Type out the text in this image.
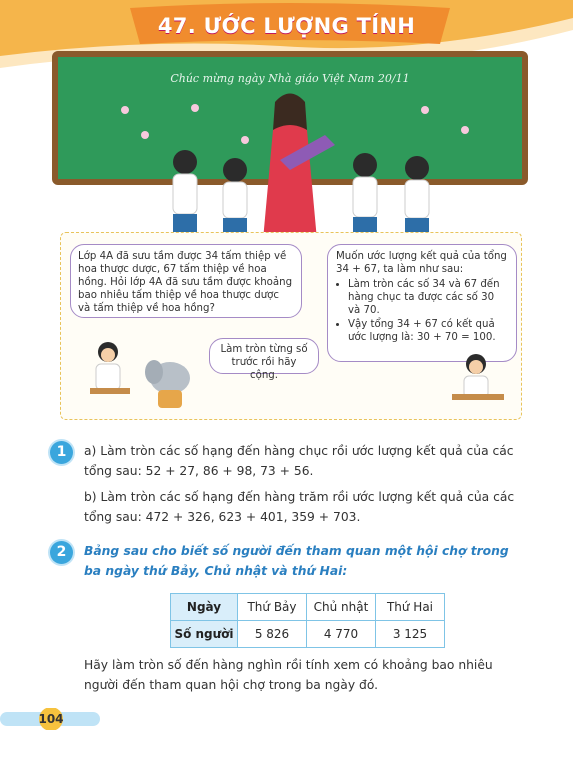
47. ƯỚC LƯỢNG TÍNH
Chúc mừng ngày Nhà giáo Việt Nam 20/11
Lớp 4A đã sưu tầm được 34 tấm thiệp về hoa thược dược, 67 tấm thiệp về hoa hồng. Hỏi lớp 4A đã sưu tầm được khoảng bao nhiêu tấm thiệp về hoa thược dược và tấm thiệp về hoa hồng?
Muốn ước lượng kết quả của tổng 34 + 67, ta làm như sau:
• Làm tròn các số 34 và 67 đến hàng chục ta được các số 30 và 70.
• Vậy tổng 34 + 67 có kết quả ước lượng là: 30 + 70 = 100.
Làm tròn từng số trước rồi hãy cộng.
1	a) Làm tròn các số hạng đến hàng chục rồi ước lượng kết quả của các tổng sau: 52 + 27, 86 + 98, 73 + 56.
b) Làm tròn các số hạng đến hàng trăm rồi ước lượng kết quả của các tổng sau: 472 + 326, 623 + 401, 359 + 703.
2	Bảng sau cho biết số người đến tham quan một hội chợ trong ba ngày thứ Bảy, Chủ nhật và thứ Hai:
Ngày	Thứ Bảy	Chủ nhật	Thứ Hai
Số người	5 826	4 770	3 125
Hãy làm tròn số đến hàng nghìn rồi tính xem có khoảng bao nhiêu người đến tham quan hội chợ trong ba ngày đó.
104
